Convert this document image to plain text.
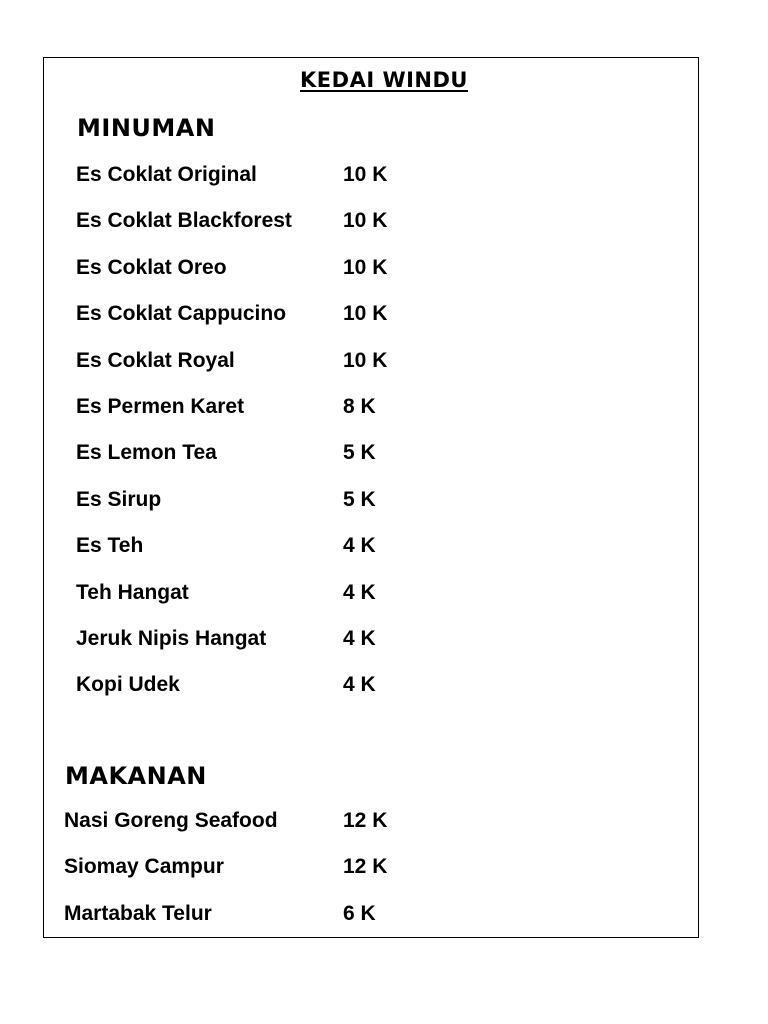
KEDAI WINDU
MINUMAN
Es Coklat Original	10 K
Es Coklat Blackforest 10 K
Es Coklat Oreo	10 K
Es Coklat Cappucino	10 K
Es Coklat Royal	10 K
Es Permen Karet	8 K
Es Lemon Tea	5 K
Es Sirup	5 K
Es Teh	4 K
Teh Hangat	4 K
Jeruk Nipis Hangat	4 K
Kopi Udek	4 K
MAKANAN
Nasi Goreng Seafood	12 K
Siomay Campur	12 K
Martabak Telur	6 K
